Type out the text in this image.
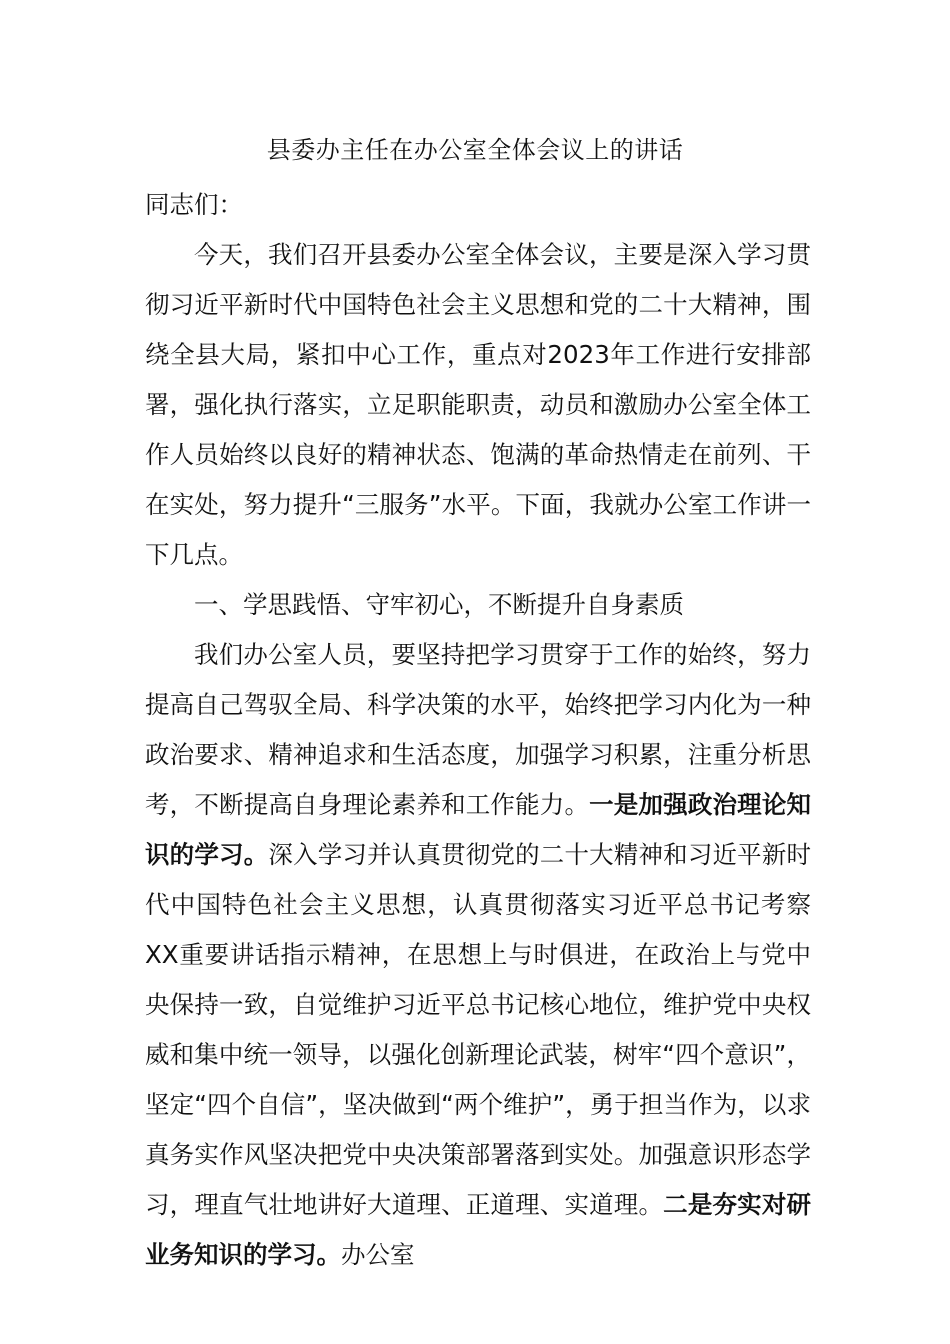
县委办主任在办公室全体会议上的讲话

同志们：

今天，我们召开县委办公室全体会议，主要是深入学习贯彻习近平新时代中国特色社会主义思想和党的二十大精神，围绕全县大局，紧扣中心工作，重点对2023年工作进行安排部署，强化执行落实，立足职能职责，动员和激励办公室全体工作人员始终以良好的精神状态、饱满的革命热情走在前列、干在实处，努力提升“三服务”水平。下面，我就办公室工作讲一下几点。

一、学思践悟、守牢初心，不断提升自身素质

我们办公室人员，要坚持把学习贯穿于工作的始终，努力提高自己驾驭全局、科学决策的水平，始终把学习内化为一种政治要求、精神追求和生活态度，加强学习积累，注重分析思考，不断提高自身理论素养和工作能力。一是加强政治理论知识的学习。深入学习并认真贯彻党的二十大精神和习近平新时代中国特色社会主义思想，认真贯彻落实习近平总书记考察XX重要讲话指示精神，在思想上与时俱进，在政治上与党中央保持一致，自觉维护习近平总书记核心地位，维护党中央权威和集中统一领导，以强化创新理论武装，树牢“四个意识”，坚定“四个自信”，坚决做到“两个维护”，勇于担当作为，以求真务实作风坚决把党中央决策部署落到实处。加强意识形态学习，理直气壮地讲好大道理、正道理、实道理。二是夯实对研业务知识的学习。办公室
